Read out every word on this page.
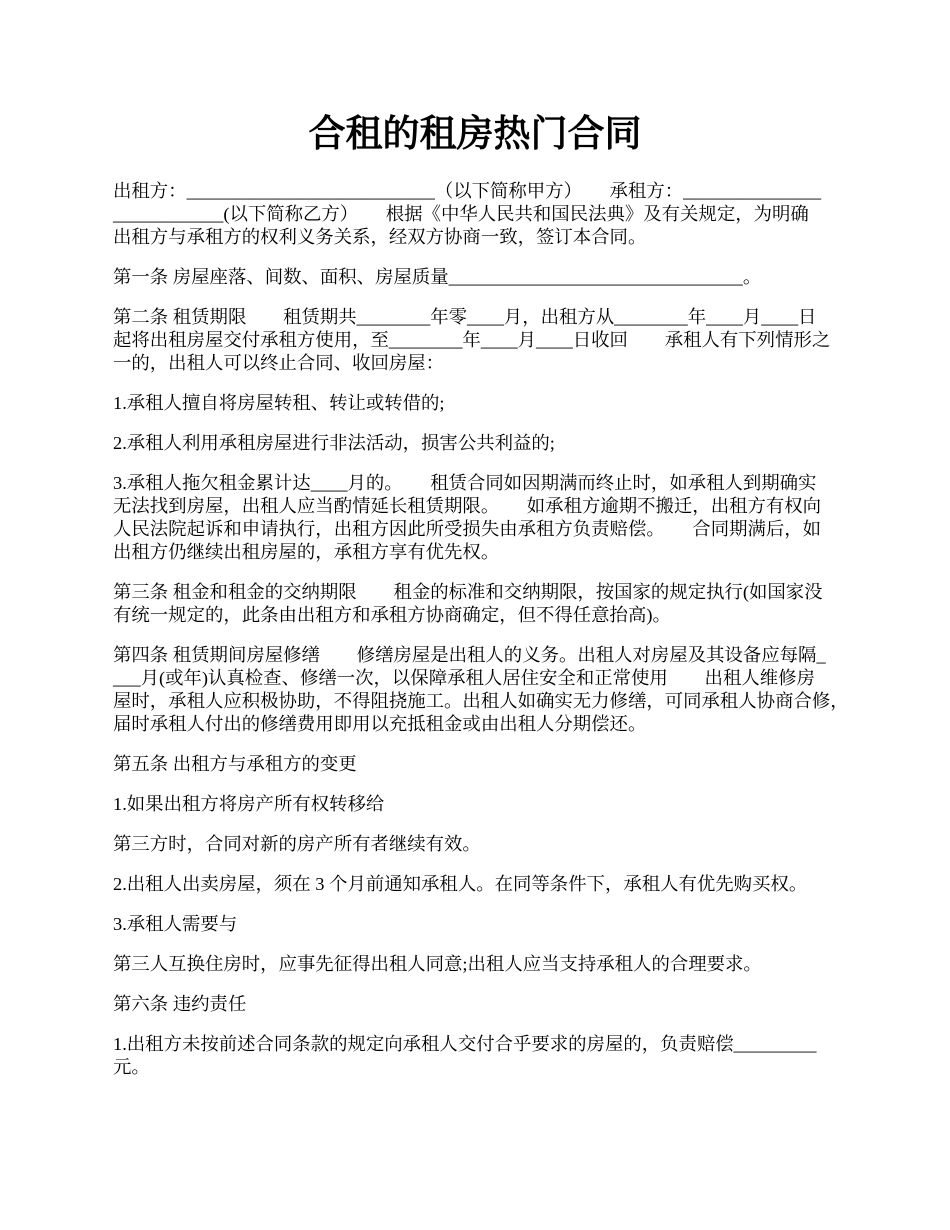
合租的租房热门合同
出租方：___________________________（以下简称甲方）　　承租方：_______________
____________(以下简称乙方）　　根据《中华人民共和国民法典》及有关规定，为明确
出租方与承租方的权利义务关系，经双方协商一致，签订本合同。
第一条 房屋座落、间数、面积、房屋质量________________________________。
第二条 租赁期限　　租赁期共________年零____月，出租方从________年____月____日
起将出租房屋交付承租方使用，至________年____月____日收回　　承租人有下列情形之
一的，出租人可以终止合同、收回房屋：
1.承租人擅自将房屋转租、转让或转借的;
2.承租人利用承租房屋进行非法活动，损害公共利益的;
3.承租人拖欠租金累计达____月的。　　租赁合同如因期满而终止时，如承租人到期确实
无法找到房屋，出租人应当酌情延长租赁期限。　　如承租方逾期不搬迁，出租方有权向
人民法院起诉和申请执行，出租方因此所受损失由承租方负责赔偿。　　合同期满后，如
出租方仍继续出租房屋的，承租方享有优先权。
第三条 租金和租金的交纳期限　　租金的标准和交纳期限，按国家的规定执行(如国家没
有统一规定的，此条由出租方和承租方协商确定，但不得任意抬高)。
第四条 租赁期间房屋修缮　　修缮房屋是出租人的义务。出租人对房屋及其设备应每隔_
___月(或年)认真检查、修缮一次，以保障承租人居住安全和正常使用　　出租人维修房
屋时，承租人应积极协助，不得阻挠施工。出租人如确实无力修缮，可同承租人协商合修，
届时承租人付出的修缮费用即用以充抵租金或由出租人分期偿还。
第五条 出租方与承租方的变更
1.如果出租方将房产所有权转移给
第三方时，合同对新的房产所有者继续有效。
2.出租人出卖房屋，须在 3 个月前通知承租人。在同等条件下，承租人有优先购买权。
3.承租人需要与
第三人互换住房时，应事先征得出租人同意;出租人应当支持承租人的合理要求。
第六条 违约责任
1.出租方未按前述合同条款的规定向承租人交付合乎要求的房屋的，负责赔偿_________
元。
